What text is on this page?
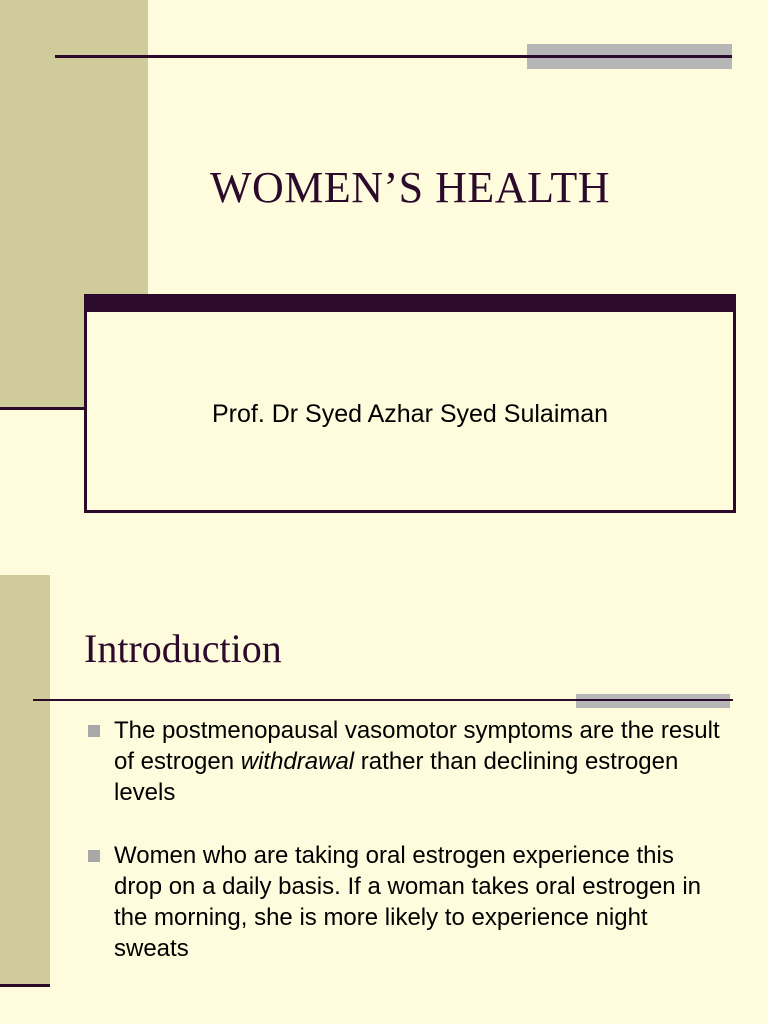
WOMEN’S HEALTH
Prof. Dr Syed Azhar Syed Sulaiman
Introduction
The postmenopausal vasomotor symptoms are the result of estrogen withdrawal rather than declining estrogen levels
Women who are taking oral estrogen experience this drop on a daily basis. If a woman takes oral estrogen in the morning, she is more likely to experience night sweats
